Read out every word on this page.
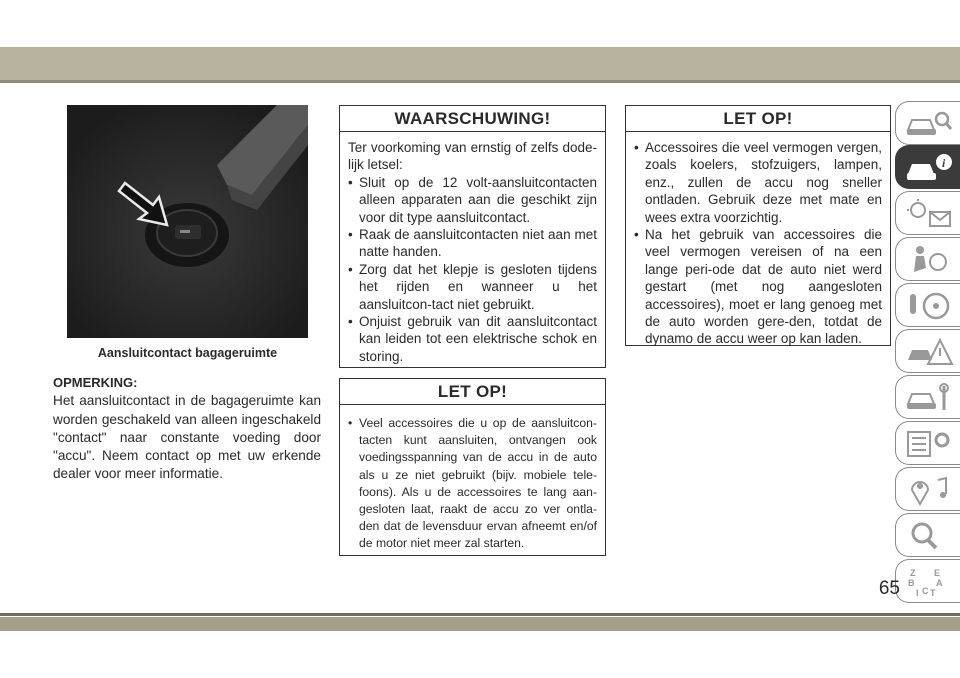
Aansluitcontact bagageruimte
OPMERKING:
Het aansluitcontact in de bagageruimte kan worden geschakeld van alleen ingeschakeld "contact" naar constante voeding door "accu". Neem contact op met uw erkende dealer voor meer informatie.
WAARSCHUWING!
Ter voorkoming van ernstig of zelfs dode-lijk letsel:
• Sluit op de 12 volt-aansluitcontacten alleen apparaten aan die geschikt zijn voor dit type aansluitcontact.
• Raak de aansluitcontacten niet aan met natte handen.
• Zorg dat het klepje is gesloten tijdens het rijden en wanneer u het aansluitcon-tact niet gebruikt.
• Onjuist gebruik van dit aansluitcontact kan leiden tot een elektrische schok en storing.
LET OP!
• Veel accessoires die u op de aansluitcon-tacten kunt aansluiten, ontvangen ook voedingsspanning van de accu in de auto als u ze niet gebruikt (bijv. mobiele tele-foons). Als u de accessoires te lang aan-gesloten laat, raakt de accu zo ver ontla-den dat de levensduur ervan afneemt en/of de motor niet meer zal starten.
LET OP!
• Accessoires die veel vermogen vergen, zoals koelers, stofzuigers, lampen, enz., zullen de accu nog sneller ontladen. Gebruik deze met mate en wees extra voorzichtig.
• Na het gebruik van accessoires die veel vermogen vereisen of na een lange peri-ode dat de auto niet werd gestart (met nog aangesloten accessoires), moet er lang genoeg met de auto worden gere-den, totdat de dynamo de accu weer op kan laden.
i
Z E
B A
I C T
65
